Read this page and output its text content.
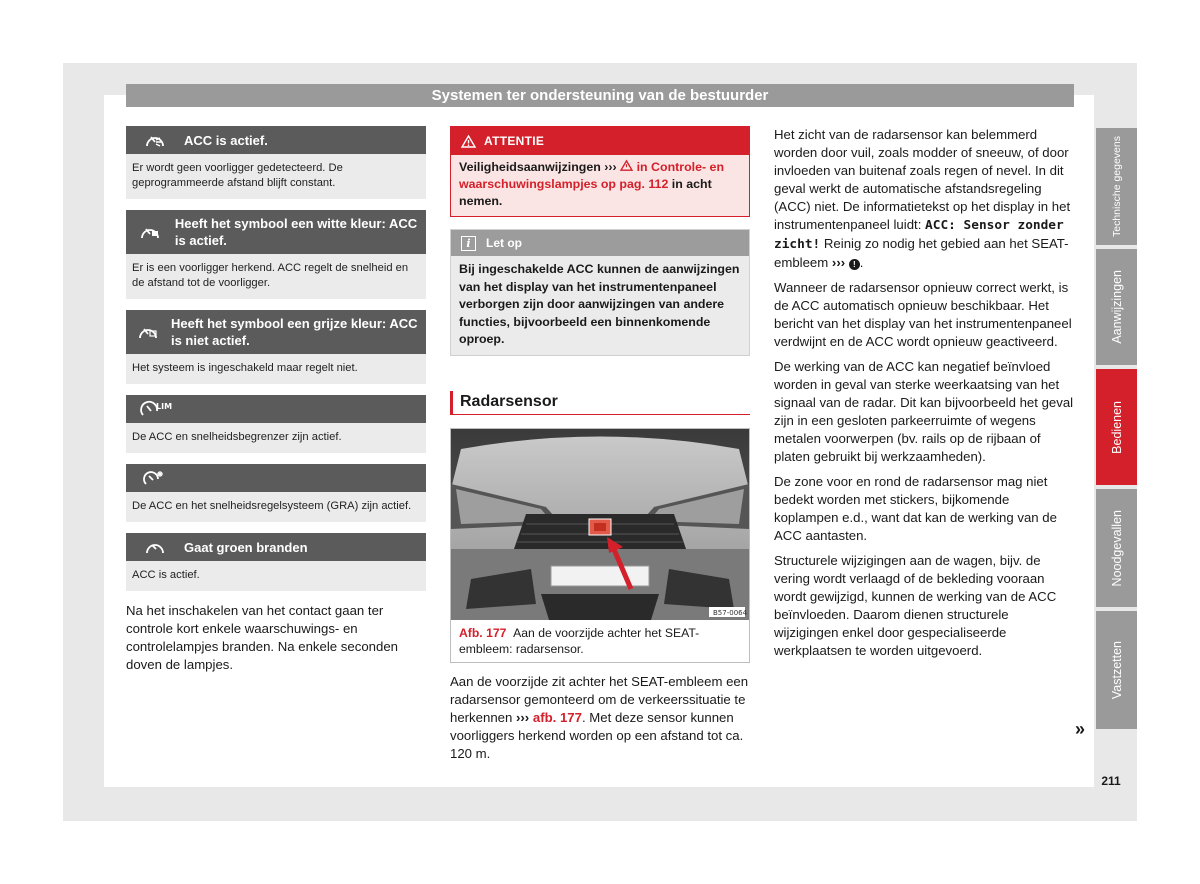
Systemen ter ondersteuning van de bestuurder
ACC is actief.
Er wordt geen voorligger gedetecteerd. De geprogrammeerde afstand blijft constant.
Heeft het symbool een witte kleur: ACC is actief.
Er is een voorligger herkend. ACC regelt de snelheid en de afstand tot de voorligger.
Heeft het symbool een grijze kleur: ACC is niet actief.
Het systeem is ingeschakeld maar regelt niet.
LIM
De ACC en snelheidsbegrenzer zijn actief.
De ACC en het snelheidsregelsysteem (GRA) zijn actief.
Gaat groen branden
ACC is actief.

Na het inschakelen van het contact gaan ter controle kort enkele waarschuwings- en controlelampjes branden. Na enkele seconden doven de lampjes.

ATTENTIE
Veiligheidsaanwijzingen ››› in Controle- en waarschuwingslampjes op pag. 112 in acht nemen.
i	Let op
Bij ingeschakelde ACC kunnen de aanwijzingen van het display van het instrumentenpaneel verborgen zijn door aanwijzingen van andere functies, bijvoorbeeld een binnenkomende oproep.
Radarsensor
B57-0064
Afb. 177 Aan de voorzijde achter het SEAT-embleem: radarsensor.

Aan de voorzijde zit achter het SEAT-embleem een radarsensor gemonteerd om de verkeerssituatie te herkennen ››› afb. 177. Met deze sensor kunnen voorliggers herkend worden op een afstand tot ca. 120 m.

Het zicht van de radarsensor kan belemmerd worden door vuil, zoals modder of sneeuw, of door invloeden van buitenaf zoals regen of nevel. In dit geval werkt de automatische afstandsregeling (ACC) niet. De informatietekst op het display in het instrumentenpaneel luidt: ACC: Sensor zonder zicht! Reinig zo nodig het gebied aan het SEAT-embleem ››› ! .

Wanneer de radarsensor opnieuw correct werkt, is de ACC automatisch opnieuw beschikbaar. Het bericht van het display van het instrumentenpaneel verdwijnt en de ACC wordt opnieuw geactiveerd.

De werking van de ACC kan negatief beïnvloed worden in geval van sterke weerkaatsing van het signaal van de radar. Dit kan bijvoorbeeld het geval zijn in een gesloten parkeerruimte of wegens metalen voorwerpen (bv. rails op de rijbaan of platen gebruikt bij werkzaamheden).

De zone voor en rond de radarsensor mag niet bedekt worden met stickers, bijkomende koplampen e.d., want dat kan de werking van de ACC aantasten.

Structurele wijzigingen aan de wagen, bijv. de vering wordt verlaagd of de bekleding vooraan wordt gewijzigd, kunnen de werking van de ACC beïnvloeden. Daarom dienen structurele wijzigingen enkel door gespecialiseerde werkplaatsen te worden uitgevoerd.

»
Technische gegevens
Aanwijzingen
Bedienen
Noodgevallen
Vastzetten
211
